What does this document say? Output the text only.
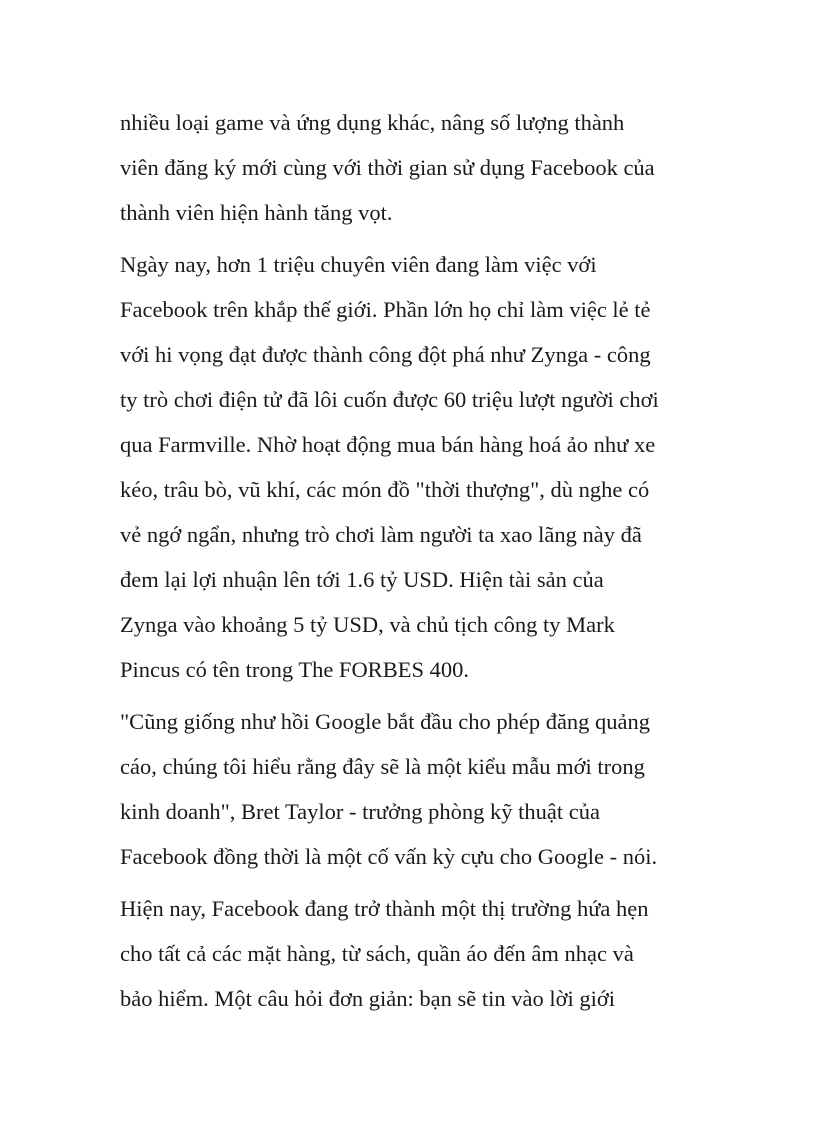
nhiều loại game và ứng dụng khác, nâng số lượng thành
viên đăng ký mới cùng với thời gian sử dụng Facebook của
thành viên hiện hành tăng vọt.

Ngày nay, hơn 1 triệu chuyên viên đang làm việc với
Facebook trên khắp thế giới. Phần lớn họ chỉ làm việc lẻ tẻ
với hi vọng đạt được thành công đột phá như Zynga - công
ty trò chơi điện tử đã lôi cuốn được 60 triệu lượt người chơi
qua Farmville. Nhờ hoạt động mua bán hàng hoá ảo như xe
kéo, trâu bò, vũ khí, các món đồ "thời thượng", dù nghe có
vẻ ngớ ngẩn, nhưng trò chơi làm người ta xao lãng này đã
đem lại lợi nhuận lên tới 1.6 tỷ USD. Hiện tài sản của
Zynga vào khoảng 5 tỷ USD, và chủ tịch công ty Mark
Pincus có tên trong The FORBES 400.

"Cũng giống như hồi Google bắt đầu cho phép đăng quảng
cáo, chúng tôi hiểu rằng đây sẽ là một kiểu mẫu mới trong
kinh doanh", Bret Taylor - trưởng phòng kỹ thuật của
Facebook đồng thời là một cố vấn kỳ cựu cho Google - nói.

Hiện nay, Facebook đang trở thành một thị trường hứa hẹn
cho tất cả các mặt hàng, từ sách, quần áo đến âm nhạc và
bảo hiểm. Một câu hỏi đơn giản: bạn sẽ tin vào lời giới
